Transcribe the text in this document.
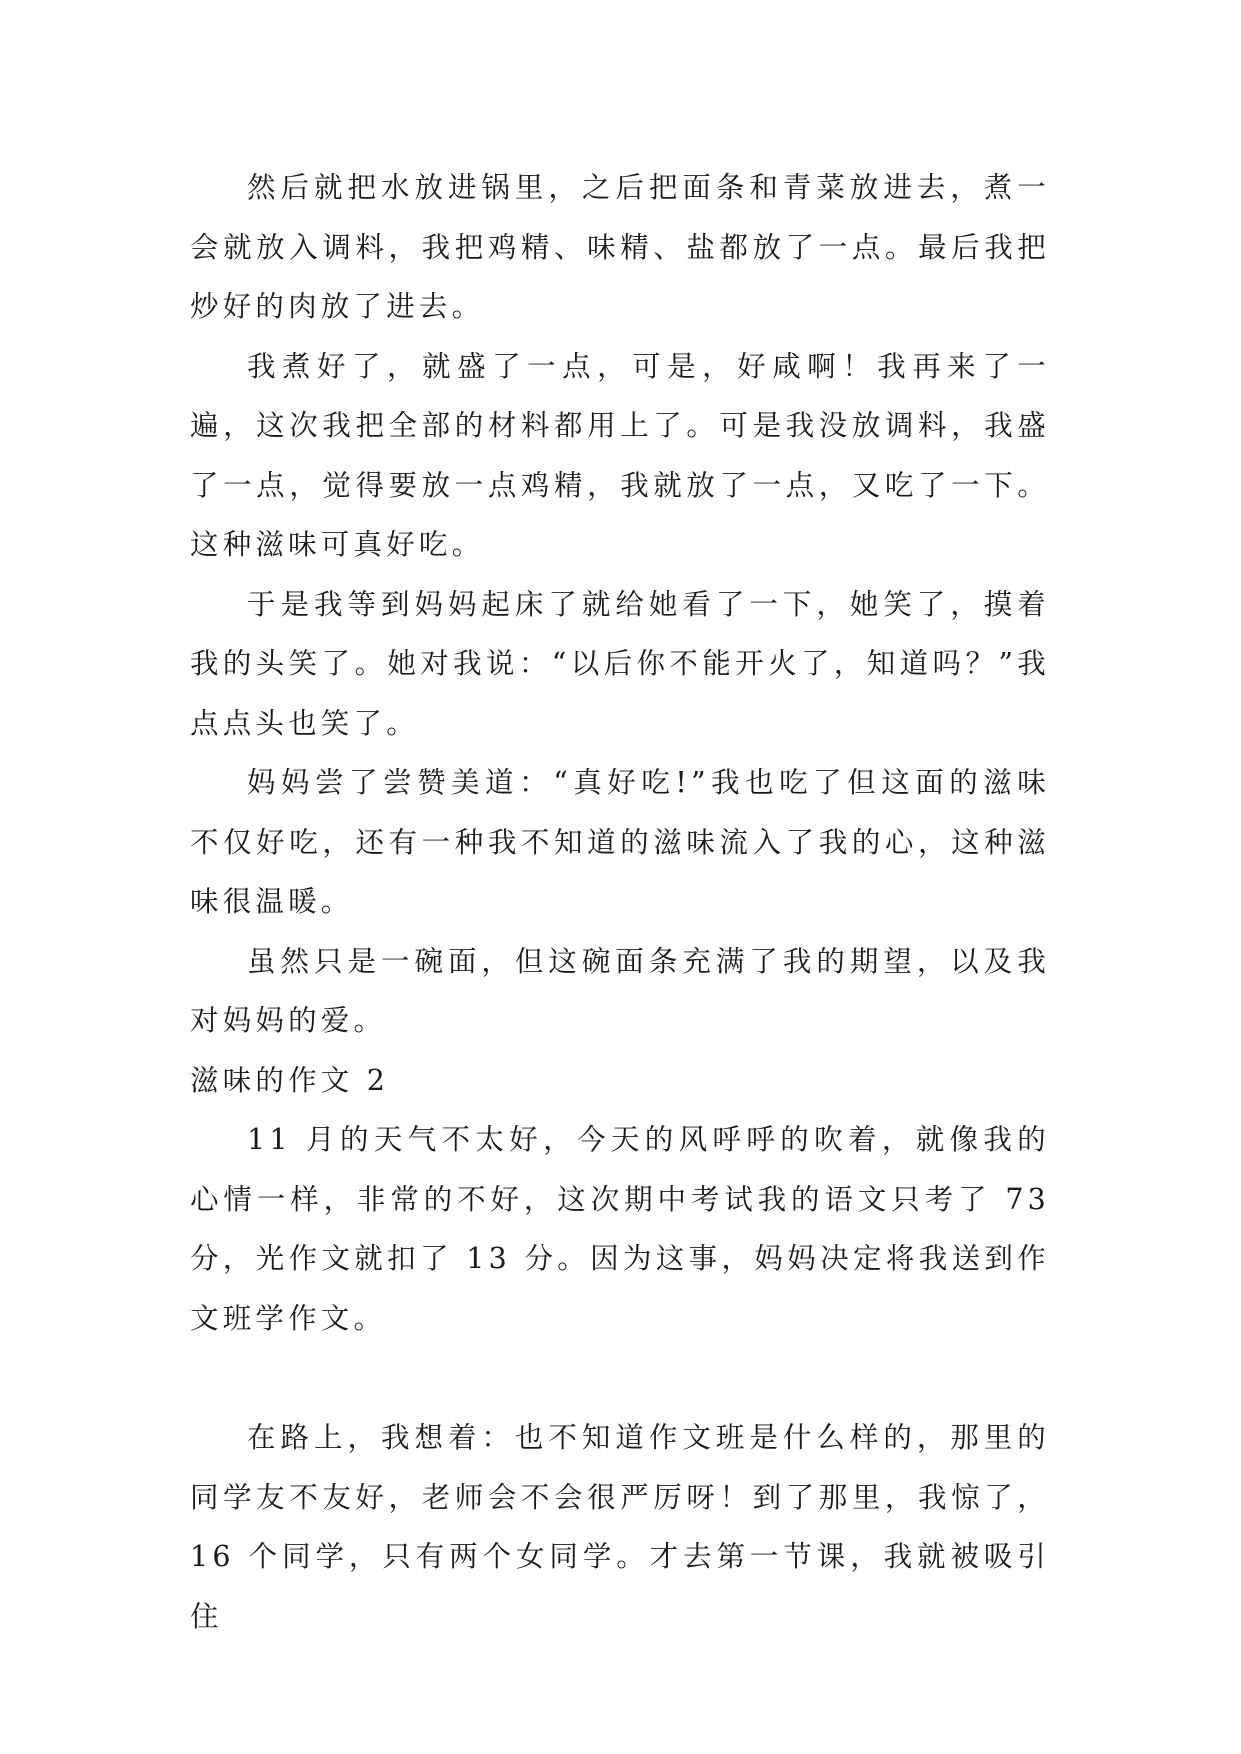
然后就把水放进锅里，之后把面条和青菜放进去，煮一会就放入调料，我把鸡精、味精、盐都放了一点。最后我把炒好的肉放了进去。

我煮好了，就盛了一点，可是，好咸啊！我再来了一遍，这次我把全部的材料都用上了。可是我没放调料，我盛了一点，觉得要放一点鸡精，我就放了一点，又吃了一下。这种滋味可真好吃。

于是我等到妈妈起床了就给她看了一下，她笑了，摸着我的头笑了。她对我说：“以后你不能开火了，知道吗？”我点点头也笑了。

妈妈尝了尝赞美道：“真好吃!”我也吃了但这面的滋味不仅好吃，还有一种我不知道的滋味流入了我的心，这种滋味很温暖。

虽然只是一碗面，但这碗面条充满了我的期望，以及我对妈妈的爱。

滋味的作文 2

11 月的天气不太好，今天的风呼呼的吹着，就像我的心情一样，非常的不好，这次期中考试我的语文只考了 73 分，光作文就扣了 13 分。因为这事，妈妈决定将我送到作文班学作文。

在路上，我想着：也不知道作文班是什么样的，那里的同学友不友好，老师会不会很严厉呀！到了那里，我惊了，16 个同学，只有两个女同学。才去第一节课，我就被吸引住
